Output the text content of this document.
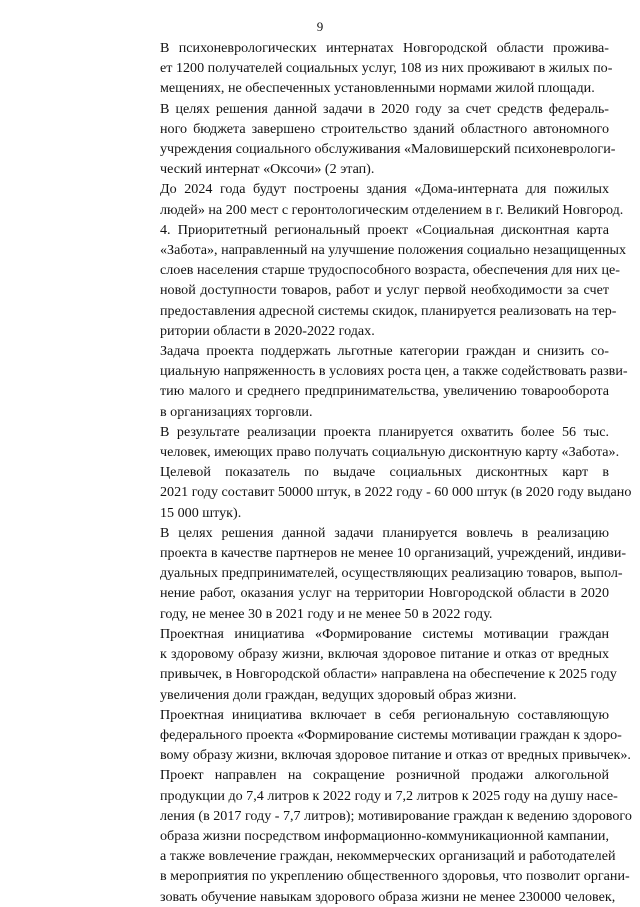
9

В психоневрологических интернатах Новгородской области прожива-
ет 1200 получателей социальных услуг, 108 из них проживают в жилых по-
мещениях, не обеспеченных установленными нормами жилой площади.

В целях решения данной задачи в 2020 году за счет средств федераль-
ного бюджета завершено строительство зданий областного автономного
учреждения социального обслуживания «Маловишерский психоневрологи-
ческий интернат «Оксочи» (2 этап).

До 2024 года будут построены здания «Дома-интерната для пожилых
людей» на 200 мест с геронтологическим отделением в г. Великий Новгород.

4. Приоритетный региональный проект «Социальная дисконтная карта
«Забота», направленный на улучшение положения социально незащищенных
слоев населения старше трудоспособного возраста, обеспечения для них це-
новой доступности товаров, работ и услуг первой необходимости за счет
предоставления адресной системы скидок, планируется реализовать на тер-
ритории области в 2020-2022 годах.

Задача проекта поддержать льготные категории граждан и снизить со-
циальную напряженность в условиях роста цен, а также содействовать разви-
тию малого и среднего предпринимательства, увеличению товарооборота
в организациях торговли.

В результате реализации проекта планируется охватить более 56 тыс.
человек, имеющих право получать социальную дисконтную карту «Забота».

Целевой показатель по выдаче социальных дисконтных карт в
2021 году составит 50000 штук, в 2022 году - 60 000 штук (в 2020 году выдано
15 000 штук).

В целях решения данной задачи планируется вовлечь в реализацию
проекта в качестве партнеров не менее 10 организаций, учреждений, индиви-
дуальных предпринимателей, осуществляющих реализацию товаров, выпол-
нение работ, оказания услуг на территории Новгородской области в 2020
году, не менее 30 в 2021 году и не менее 50 в 2022 году.

Проектная инициатива «Формирование системы мотивации граждан
к здоровому образу жизни, включая здоровое питание и отказ от вредных
привычек, в Новгородской области» направлена на обеспечение к 2025 году
увеличения доли граждан, ведущих здоровый образ жизни.

Проектная инициатива включает в себя региональную составляющую
федерального проекта «Формирование системы мотивации граждан к здоро-
вому образу жизни, включая здоровое питание и отказ от вредных привычек».

Проект направлен на сокращение розничной продажи алкогольной
продукции до 7,4 литров к 2022 году и 7,2 литров к 2025 году на душу насе-
ления (в 2017 году - 7,7 литров); мотивирование граждан к ведению здорового
образа жизни посредством информационно-коммуникационной кампании,
а также вовлечение граждан, некоммерческих организаций и работодателей
в мероприятия по укреплению общественного здоровья, что позволит органи-
зовать обучение навыкам здорового образа жизни не менее 230000 человек,
